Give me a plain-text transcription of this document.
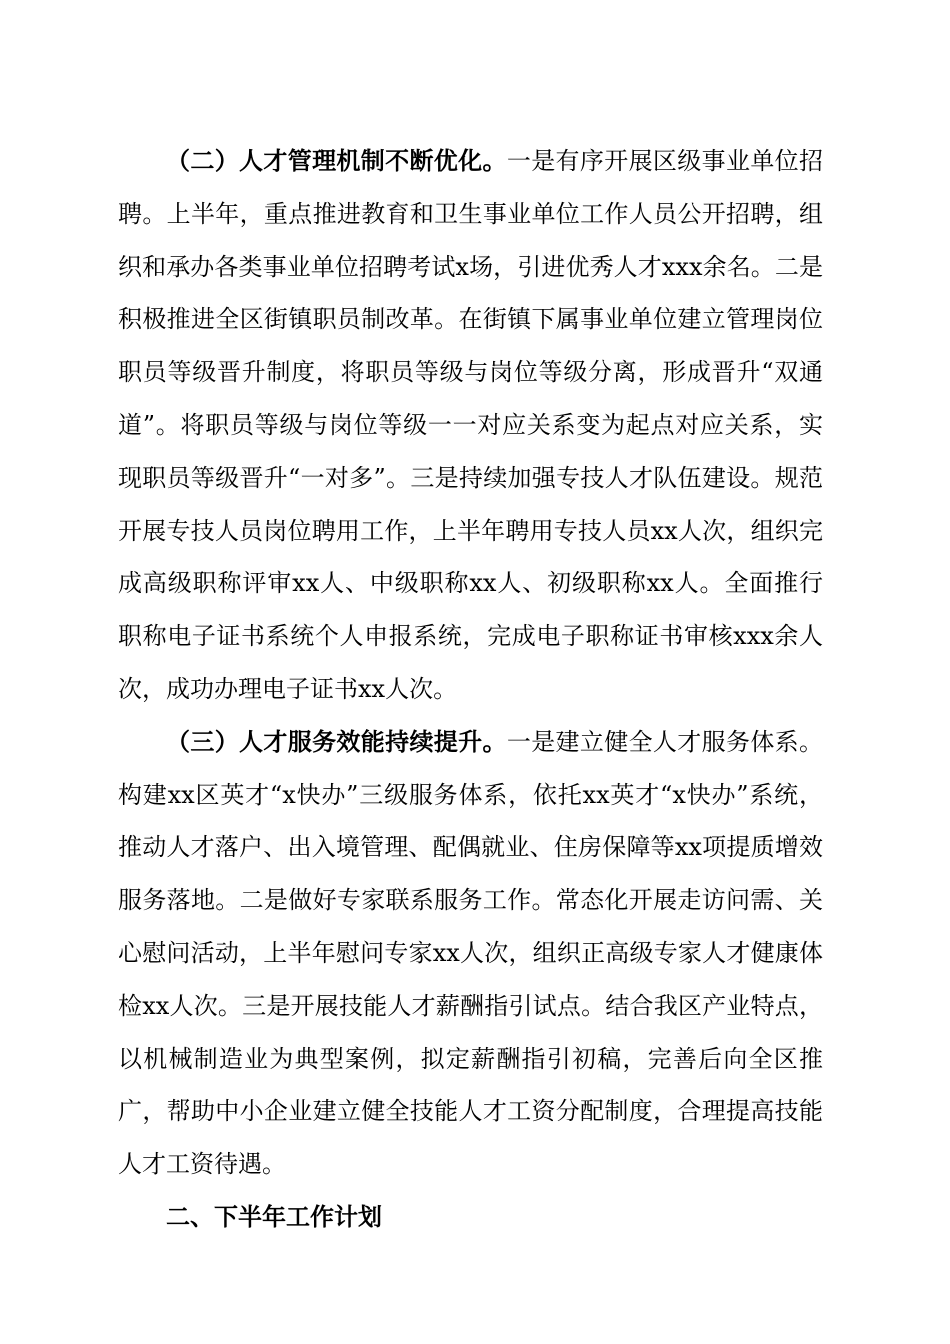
（二）人才管理机制不断优化。一是有序开展区级事业单位招聘。上半年，重点推进教育和卫生事业单位工作人员公开招聘，组织和承办各类事业单位招聘考试x场，引进优秀人才xxx余名。二是积极推进全区街镇职员制改革。在街镇下属事业单位建立管理岗位职员等级晋升制度，将职员等级与岗位等级分离，形成晋升“双通道”。将职员等级与岗位等级一一对应关系变为起点对应关系，实现职员等级晋升“一对多”。三是持续加强专技人才队伍建设。规范开展专技人员岗位聘用工作，上半年聘用专技人员xx人次，组织完成高级职称评审xx人、中级职称xx人、初级职称xx人。全面推行职称电子证书系统个人申报系统，完成电子职称证书审核xxx余人次，成功办理电子证书xx人次。

（三）人才服务效能持续提升。一是建立健全人才服务体系。构建xx区英才“x快办”三级服务体系，依托xx英才“x快办”系统，推动人才落户、出入境管理、配偶就业、住房保障等xx项提质增效服务落地。二是做好专家联系服务工作。常态化开展走访问需、关心慰问活动，上半年慰问专家xx人次，组织正高级专家人才健康体检xx人次。三是开展技能人才薪酬指引试点。结合我区产业特点，以机械制造业为典型案例，拟定薪酬指引初稿，完善后向全区推广，帮助中小企业建立健全技能人才工资分配制度，合理提高技能人才工资待遇。

二、下半年工作计划
